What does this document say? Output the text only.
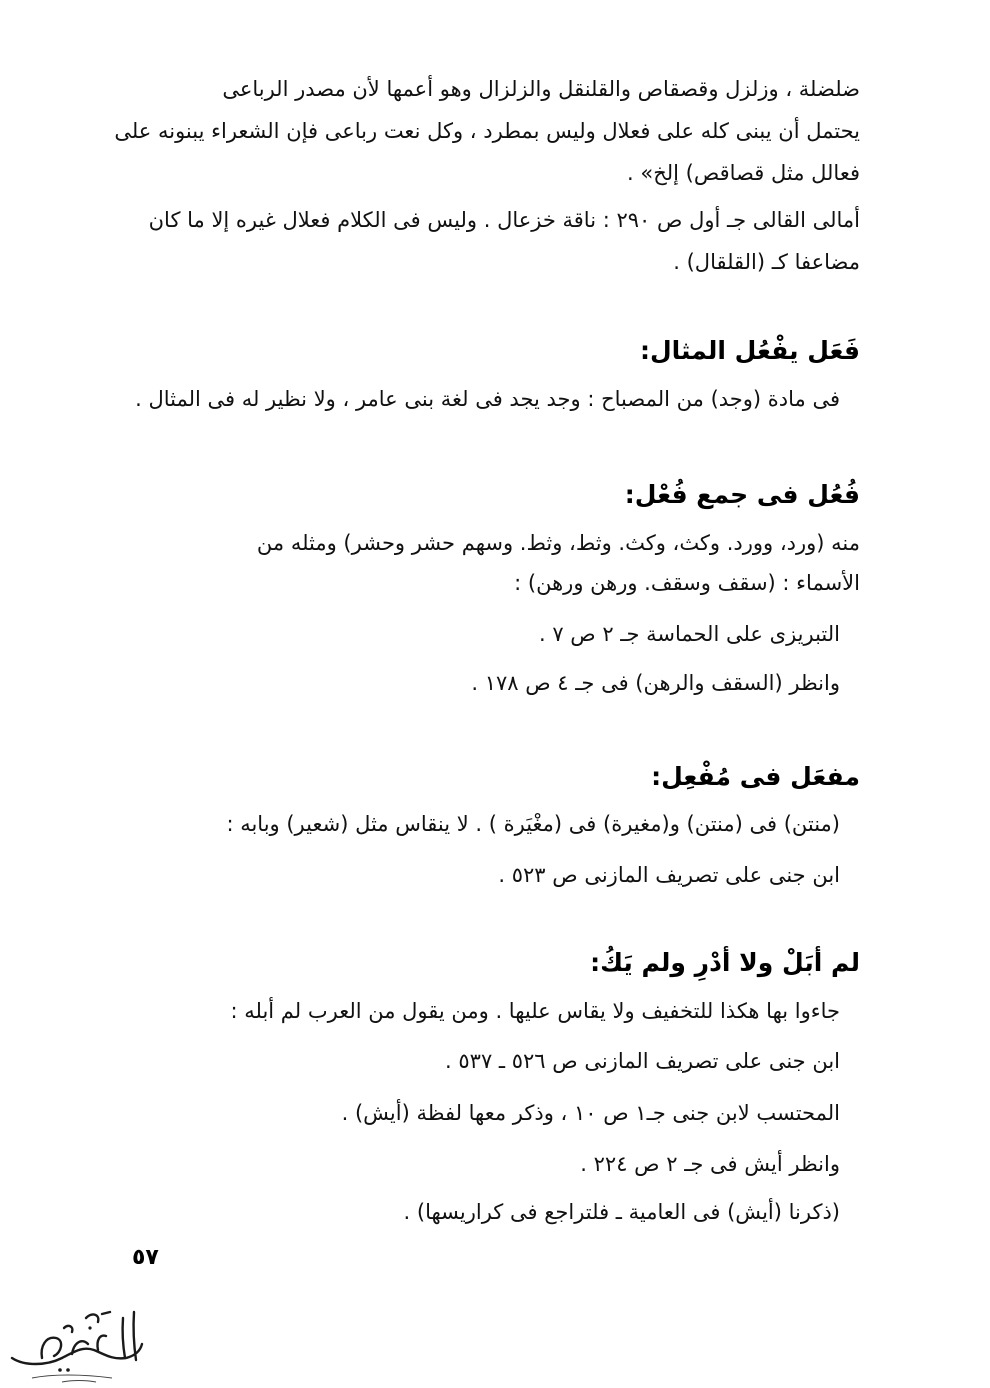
ضلضلة ، وزلزل وقصقاص والقلنقل والزلزال وهو أعمها لأن مصدر الرباعى
يحتمل أن يبنى كله على فعلال وليس بمطرد ، وكل نعت رباعى فإن الشعراء يبنونه على
فعالل مثل قصاقص) إلخ» .
أمالى القالى جـ أول ص ٢٩٠ : ناقة خزعال . وليس فى الكلام فعلال غيره إلا ما كان
مضاعفا كـ (القلقال) .
فَعَل يفْعُل المثال:
فى مادة (وجد) من المصباح : وجد يجد فى لغة بنى عامر ، ولا نظير له فى المثال .
فُعُل فى جمع فُعْل:
منه (ورد، وورد. وكث، وكث. وثط، وثط. وسهم حشر وحشر) ومثله من
الأسماء : (سقف وسقف. ورهن ورهن) :
التبريزى على الحماسة جـ ٢ ص ٧ .
وانظر (السقف والرهن) فى جـ ٤ ص ١٧٨ .
مفعَل فى مُفْعِل:
(منتن) فى (منتن) و(مغيرة) فى (مغْيَرة ) . لا ينقاس مثل (شعير) وبابه :
ابن جنى على تصريف المازنى ص ٥٢٣ .
لم أبَلْ ولا أدْرِ ولم يَكُ:
جاءوا بها هكذا للتخفيف ولا يقاس عليها . ومن يقول من العرب لم أبله :
ابن جنى على تصريف المازنى ص ٥٢٦ ـ ٥٣٧ .
المحتسب لابن جنى جـ١ ص ١٠ ، وذكر معها لفظة (أيش) .
وانظر أيش فى جـ ٢ ص ٢٢٤ .
(ذكرنا (أيش) فى العامية ـ فلتراجع فى كراريسها) .
٥٧
